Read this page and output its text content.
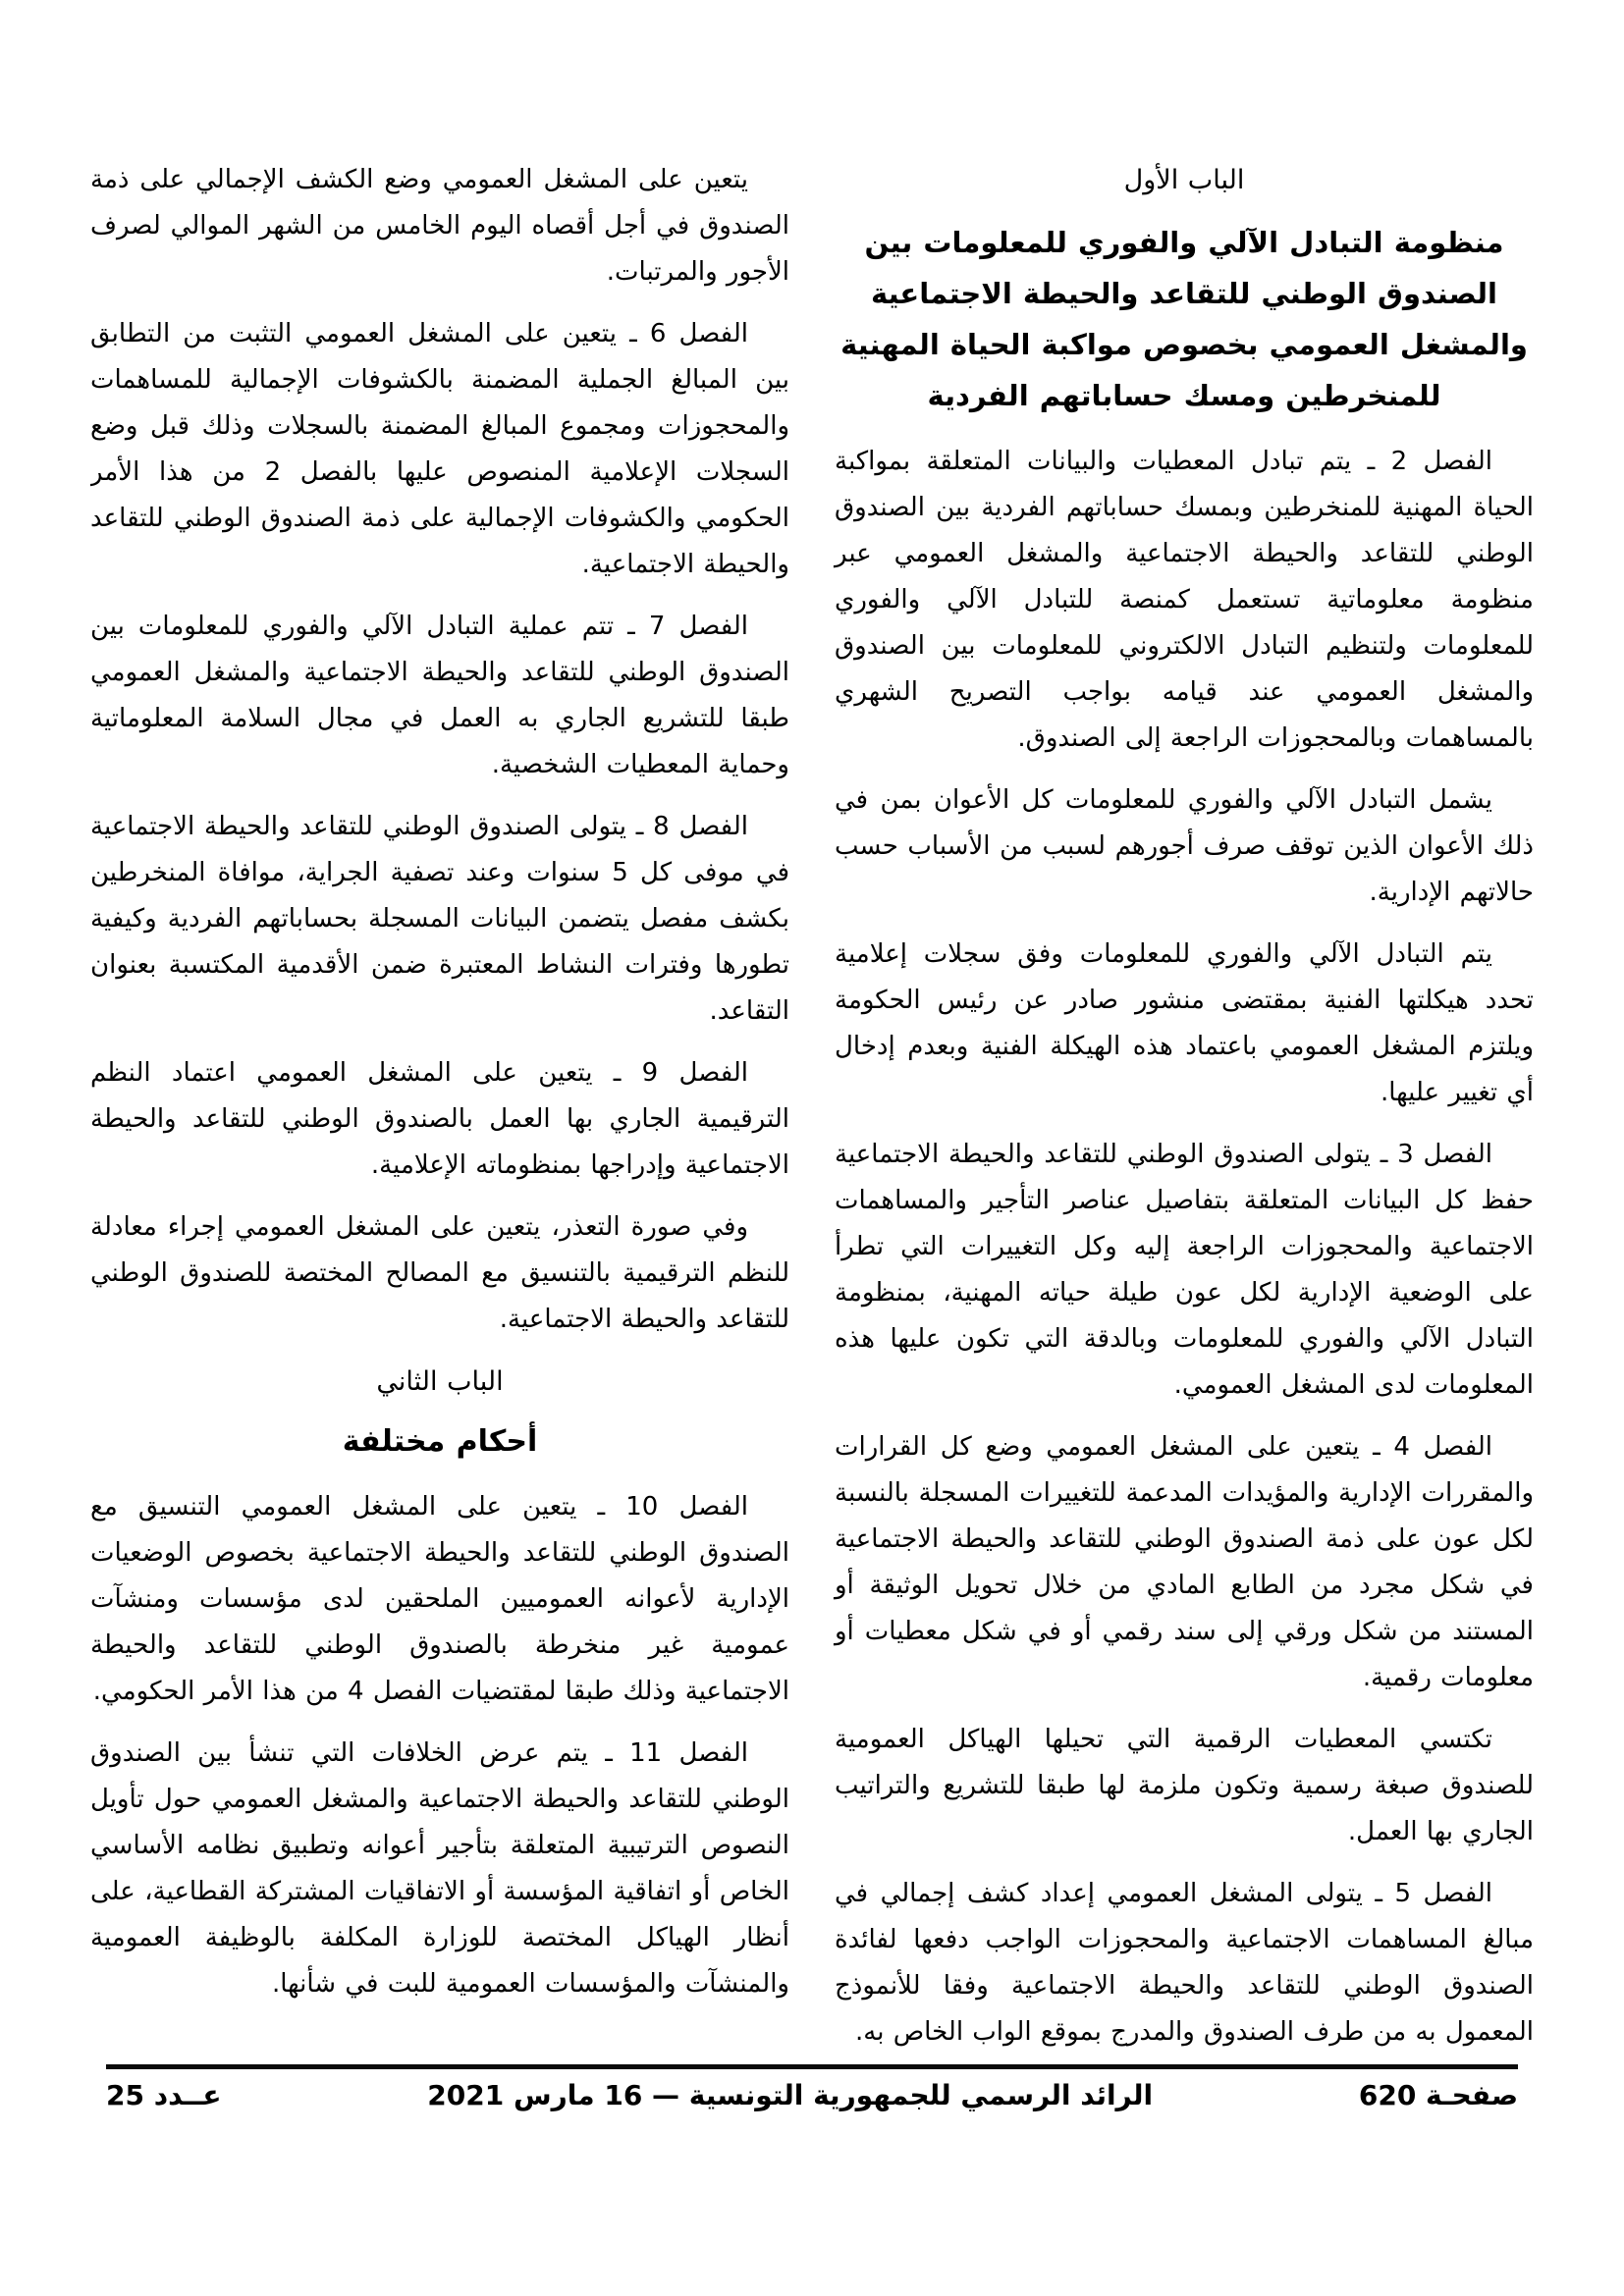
الباب الأول

منظومة التبادل الآلي والفوري للمعلومات بين الصندوق الوطني للتقاعد والحيطة الاجتماعية والمشغل العمومي بخصوص مواكبة الحياة المهنية للمنخرطين ومسك حساباتهم الفردية

الفصل 2 ـ يتم تبادل المعطيات والبيانات المتعلقة بمواكبة الحياة المهنية للمنخرطين وبمسك حساباتهم الفردية بين الصندوق الوطني للتقاعد والحيطة الاجتماعية والمشغل العمومي عبر منظومة معلوماتية تستعمل كمنصة للتبادل الآلي والفوري للمعلومات ولتنظيم التبادل الالكتروني للمعلومات بين الصندوق والمشغل العمومي عند قيامه بواجب التصريح الشهري بالمساهمات وبالمحجوزات الراجعة إلى الصندوق.

يشمل التبادل الآلي والفوري للمعلومات كل الأعوان بمن في ذلك الأعوان الذين توقف صرف أجورهم لسبب من الأسباب حسب حالاتهم الإدارية.

يتم التبادل الآلي والفوري للمعلومات وفق سجلات إعلامية تحدد هيكلتها الفنية بمقتضى منشور صادر عن رئيس الحكومة ويلتزم المشغل العمومي باعتماد هذه الهيكلة الفنية وبعدم إدخال أي تغيير عليها.

الفصل 3 ـ يتولى الصندوق الوطني للتقاعد والحيطة الاجتماعية حفظ كل البيانات المتعلقة بتفاصيل عناصر التأجير والمساهمات الاجتماعية والمحجوزات الراجعة إليه وكل التغييرات التي تطرأ على الوضعية الإدارية لكل عون طيلة حياته المهنية، بمنظومة التبادل الآلي والفوري للمعلومات وبالدقة التي تكون عليها هذه المعلومات لدى المشغل العمومي.

الفصل 4 ـ يتعين على المشغل العمومي وضع كل القرارات والمقررات الإدارية والمؤيدات المدعمة للتغييرات المسجلة بالنسبة لكل عون على ذمة الصندوق الوطني للتقاعد والحيطة الاجتماعية في شكل مجرد من الطابع المادي من خلال تحويل الوثيقة أو المستند من شكل ورقي إلى سند رقمي أو في شكل معطيات أو معلومات رقمية.

تكتسي المعطيات الرقمية التي تحيلها الهياكل العمومية للصندوق صبغة رسمية وتكون ملزمة لها طبقا للتشريع والتراتيب الجاري بها العمل.

الفصل 5 ـ يتولى المشغل العمومي إعداد كشف إجمالي في مبالغ المساهمات الاجتماعية والمحجوزات الواجب دفعها لفائدة الصندوق الوطني للتقاعد والحيطة الاجتماعية وفقا للأنموذج المعمول به من طرف الصندوق والمدرج بموقع الواب الخاص به.

يتعين على المشغل العمومي وضع الكشف الإجمالي على ذمة الصندوق في أجل أقصاه اليوم الخامس من الشهر الموالي لصرف الأجور والمرتبات.

الفصل 6 ـ يتعين على المشغل العمومي التثبت من التطابق بين المبالغ الجملية المضمنة بالكشوفات الإجمالية للمساهمات والمحجوزات ومجموع المبالغ المضمنة بالسجلات وذلك قبل وضع السجلات الإعلامية المنصوص عليها بالفصل 2 من هذا الأمر الحكومي والكشوفات الإجمالية على ذمة الصندوق الوطني للتقاعد والحيطة الاجتماعية.

الفصل 7 ـ تتم عملية التبادل الآلي والفوري للمعلومات بين الصندوق الوطني للتقاعد والحيطة الاجتماعية والمشغل العمومي طبقا للتشريع الجاري به العمل في مجال السلامة المعلوماتية وحماية المعطيات الشخصية.

الفصل 8 ـ يتولى الصندوق الوطني للتقاعد والحيطة الاجتماعية في موفى كل 5 سنوات وعند تصفية الجراية، موافاة المنخرطين بكشف مفصل يتضمن البيانات المسجلة بحساباتهم الفردية وكيفية تطورها وفترات النشاط المعتبرة ضمن الأقدمية المكتسبة بعنوان التقاعد.

الفصل 9 ـ يتعين على المشغل العمومي اعتماد النظم الترقيمية الجاري بها العمل بالصندوق الوطني للتقاعد والحيطة الاجتماعية وإدراجها بمنظوماته الإعلامية.

وفي صورة التعذر، يتعين على المشغل العمومي إجراء معادلة للنظم الترقيمية بالتنسيق مع المصالح المختصة للصندوق الوطني للتقاعد والحيطة الاجتماعية.

الباب الثاني

أحكام مختلفة

الفصل 10 ـ يتعين على المشغل العمومي التنسيق مع الصندوق الوطني للتقاعد والحيطة الاجتماعية بخصوص الوضعيات الإدارية لأعوانه العموميين الملحقين لدى مؤسسات ومنشآت عمومية غير منخرطة بالصندوق الوطني للتقاعد والحيطة الاجتماعية وذلك طبقا لمقتضيات الفصل 4 من هذا الأمر الحكومي.

الفصل 11 ـ يتم عرض الخلافات التي تنشأ بين الصندوق الوطني للتقاعد والحيطة الاجتماعية والمشغل العمومي حول تأويل النصوص الترتيبية المتعلقة بتأجير أعوانه وتطبيق نظامه الأساسي الخاص أو اتفاقية المؤسسة أو الاتفاقيات المشتركة القطاعية، على أنظار الهياكل المختصة للوزارة المكلفة بالوظيفة العمومية والمنشآت والمؤسسات العمومية للبت في شأنها.

صفحـة 620
الرائد الرسمي للجمهورية التونسية — 16 مارس 2021
عــدد 25
